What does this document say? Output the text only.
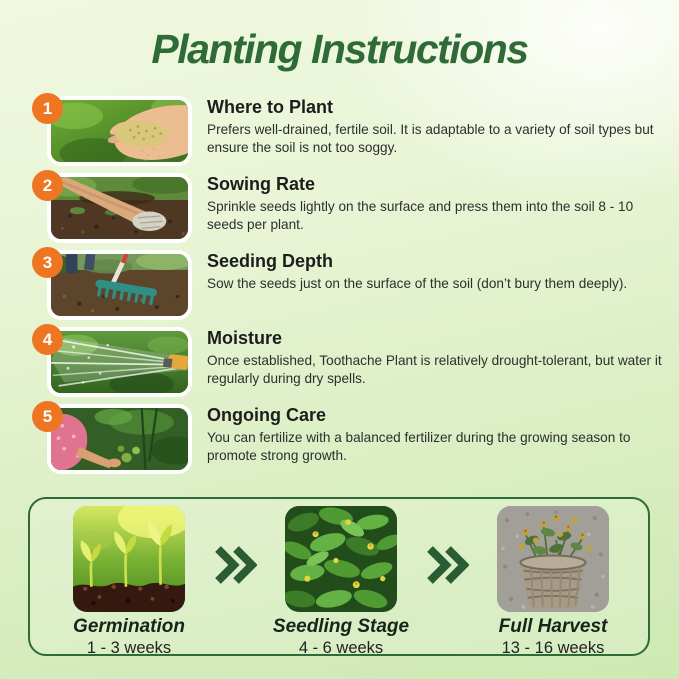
Planting Instructions
1	Where to Plant
Prefers well-drained, fertile soil. It is adaptable to a variety of soil types but ensure the soil is not too soggy.
2	Sowing Rate
Sprinkle seeds lightly on the surface and press them into the soil 8 - 10 seeds per plant.
3	Seeding Depth
Sow the seeds just on the surface of the soil (don’t bury them deeply).
4	Moisture
Once established, Toothache Plant is relatively drought-tolerant, but water it regularly during dry spells.
5	Ongoing Care
You can fertilize with a balanced fertilizer during the growing season to promote strong growth.
Germination
1 - 3 weeks
Seedling Stage
4 - 6 weeks
Full Harvest
13 - 16 weeks
